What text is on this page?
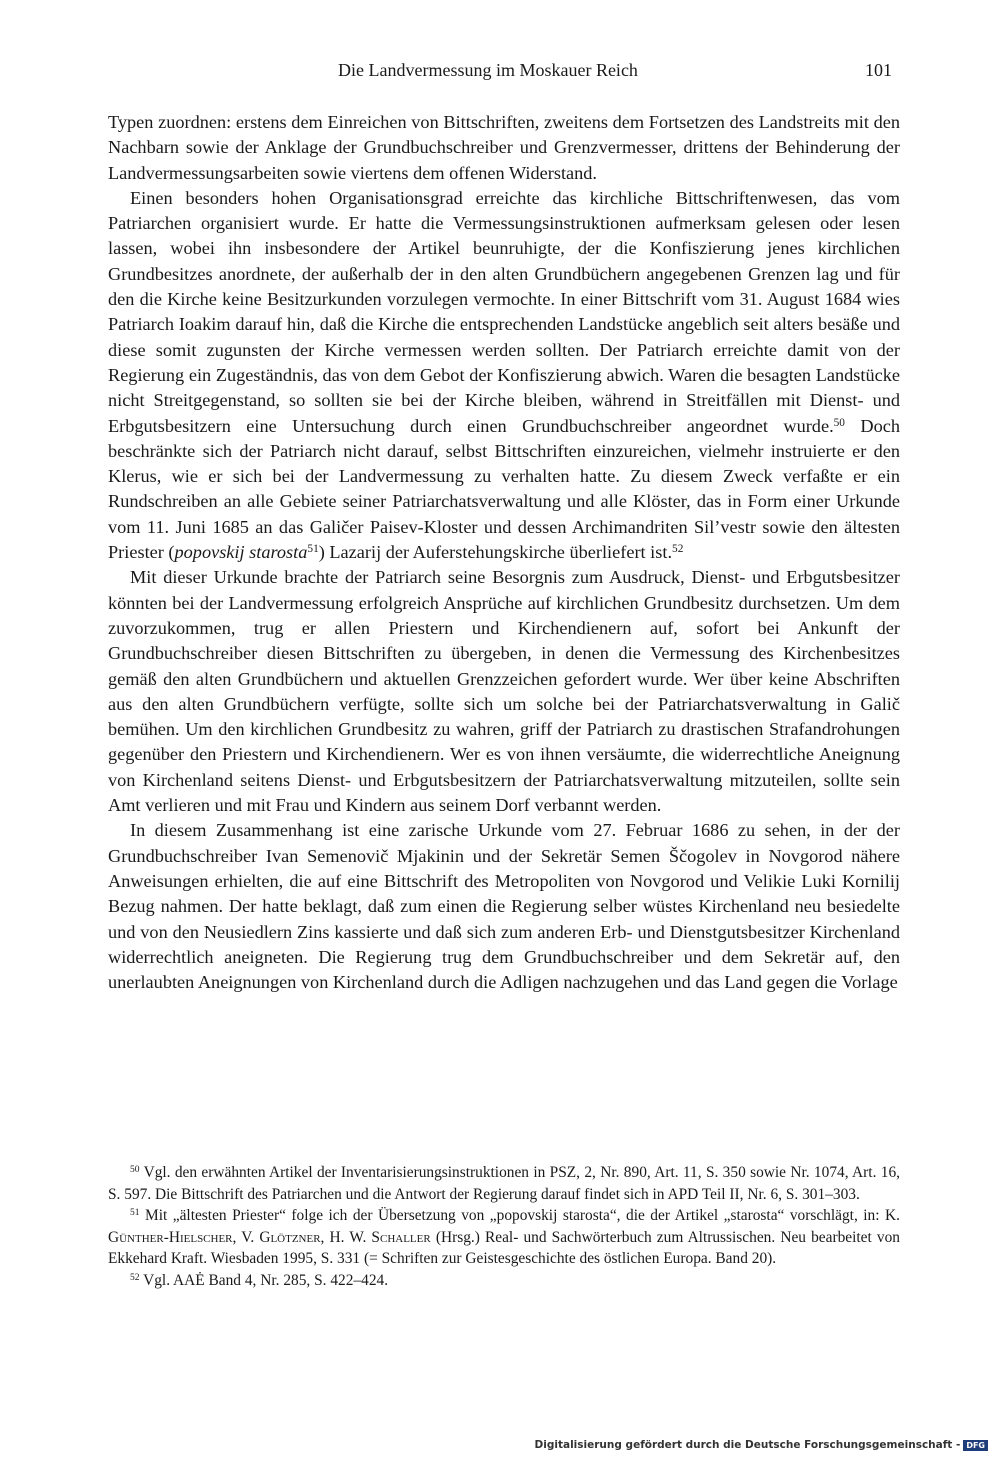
Die Landvermessung im Moskauer Reich	101

Typen zuordnen: erstens dem Einreichen von Bittschriften, zweitens dem Fortsetzen des Landstreits mit den Nachbarn sowie der Anklage der Grundbuchschreiber und Grenzvermesser, drittens der Behinderung der Landvermessungsarbeiten sowie viertens dem offenen Widerstand.

Einen besonders hohen Organisationsgrad erreichte das kirchliche Bittschriftenwesen, das vom Patriarchen organisiert wurde. Er hatte die Vermessungsinstruktionen aufmerksam gelesen oder lesen lassen, wobei ihn insbesondere der Artikel beunruhigte, der die Konfiszierung jenes kirchlichen Grundbesitzes anordnete, der außerhalb der in den alten Grundbüchern angegebenen Grenzen lag und für den die Kirche keine Besitzurkunden vorzulegen vermochte. In einer Bittschrift vom 31. August 1684 wies Patriarch Ioakim darauf hin, daß die Kirche die entsprechenden Landstücke angeblich seit alters besäße und diese somit zugunsten der Kirche vermessen werden sollten. Der Patriarch erreichte damit von der Regierung ein Zugeständnis, das von dem Gebot der Konfiszierung abwich. Waren die besagten Landstücke nicht Streitgegenstand, so sollten sie bei der Kirche bleiben, während in Streitfällen mit Dienst- und Erbgutsbesitzern eine Untersuchung durch einen Grundbuchschreiber angeordnet wurde.$^{50}$ Doch beschränkte sich der Patriarch nicht darauf, selbst Bittschriften einzureichen, vielmehr instruierte er den Klerus, wie er sich bei der Landvermessung zu verhalten hatte. Zu diesem Zweck verfaßte er ein Rundschreiben an alle Gebiete seiner Patriarchatsverwaltung und alle Klöster, das in Form einer Urkunde vom 11. Juni 1685 an das Galičer Paisev-Kloster und dessen Archimandriten Sil’vestr sowie den ältesten Priester (popovskij starosta$^{51}$) Lazarij der Auferstehungskirche überliefert ist.$^{52}$

Mit dieser Urkunde brachte der Patriarch seine Besorgnis zum Ausdruck, Dienst- und Erbgutsbesitzer könnten bei der Landvermessung erfolgreich Ansprüche auf kirchlichen Grundbesitz durchsetzen. Um dem zuvorzukommen, trug er allen Priestern und Kirchendienern auf, sofort bei Ankunft der Grundbuchschreiber diesen Bittschriften zu übergeben, in denen die Vermessung des Kirchenbesitzes gemäß den alten Grundbüchern und aktuellen Grenzzeichen gefordert wurde. Wer über keine Abschriften aus den alten Grundbüchern verfügte, sollte sich um solche bei der Patriarchatsverwaltung in Galič bemühen. Um den kirchlichen Grundbesitz zu wahren, griff der Patriarch zu drastischen Strafandrohungen gegenüber den Priestern und Kirchendienern. Wer es von ihnen versäumte, die widerrechtliche Aneignung von Kirchenland seitens Dienst- und Erbgutsbesitzern der Patriarchatsverwaltung mitzuteilen, sollte sein Amt verlieren und mit Frau und Kindern aus seinem Dorf verbannt werden.

In diesem Zusammenhang ist eine zarische Urkunde vom 27. Februar 1686 zu sehen, in der der Grundbuchschreiber Ivan Semenovič Mjakinin und der Sekretär Semen Ščogolev in Novgorod nähere Anweisungen erhielten, die auf eine Bittschrift des Metropoliten von Novgorod und Velikie Luki Kornilij Bezug nahmen. Der hatte beklagt, daß zum einen die Regierung selber wüstes Kirchenland neu besiedelte und von den Neusiedlern Zins kassierte und daß sich zum anderen Erb- und Dienstgutsbesitzer Kirchenland widerrechtlich aneigneten. Die Regierung trug dem Grundbuchschreiber und dem Sekretär auf, den unerlaubten Aneignungen von Kirchenland durch die Adligen nachzugehen und das Land gegen die Vorlage

$^{50}$ Vgl. den erwähnten Artikel der Inventarisierungsinstruktionen in PSZ, 2, Nr. 890, Art. 11, S. 350 sowie Nr. 1074, Art. 16, S. 597. Die Bittschrift des Patriarchen und die Antwort der Regierung darauf findet sich in APD Teil II, Nr. 6, S. 301–303.

$^{51}$ Mit „ältesten Priester“ folge ich der Übersetzung von „popovskij starosta“, die der Artikel „starosta“ vorschlägt, in: K. Günther-Hielscher, V. Glötzner, H. W. Schaller (Hrsg.) Real- und Sachwörterbuch zum Altrussischen. Neu bearbeitet von Ekkehard Kraft. Wiesbaden 1995, S. 331 (= Schriften zur Geistesgeschichte des östlichen Europa. Band 20).

$^{52}$ Vgl. AAĖ Band 4, Nr. 285, S. 422–424.

Digitalisierung gefördert durch die Deutsche Forschungsgemeinschaft - DFG
